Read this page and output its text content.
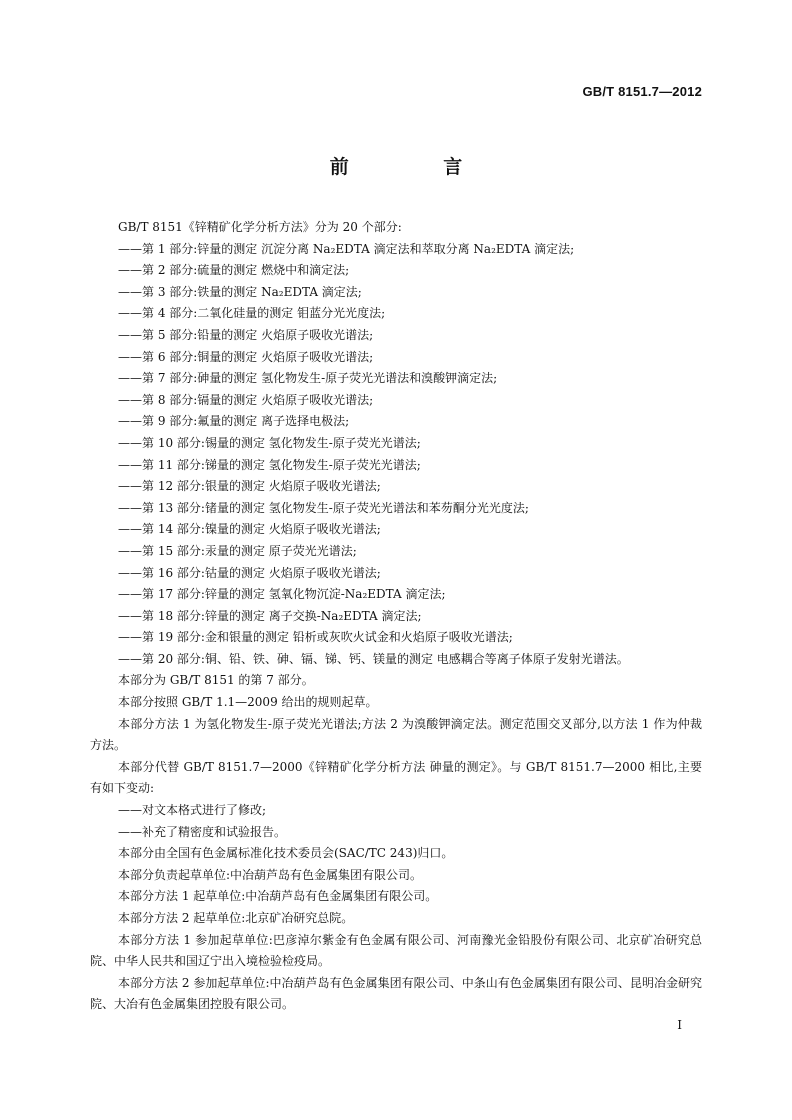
GB/T 8151.7—2012
前 言

GB/T 8151《锌精矿化学分析方法》分为 20 个部分:

——第 1 部分:锌量的测定 沉淀分离 Na₂EDTA 滴定法和萃取分离 Na₂EDTA 滴定法;

——第 2 部分:硫量的测定 燃烧中和滴定法;

——第 3 部分:铁量的测定 Na₂EDTA 滴定法;

——第 4 部分:二氧化硅量的测定 钼蓝分光光度法;

——第 5 部分:铅量的测定 火焰原子吸收光谱法;

——第 6 部分:铜量的测定 火焰原子吸收光谱法;

——第 7 部分:砷量的测定 氢化物发生-原子荧光光谱法和溴酸钾滴定法;

——第 8 部分:镉量的测定 火焰原子吸收光谱法;

——第 9 部分:氟量的测定 离子选择电极法;

——第 10 部分:锡量的测定 氢化物发生-原子荧光光谱法;

——第 11 部分:锑量的测定 氢化物发生-原子荧光光谱法;

——第 12 部分:银量的测定 火焰原子吸收光谱法;

——第 13 部分:锗量的测定 氢化物发生-原子荧光光谱法和苯芴酮分光光度法;

——第 14 部分:镍量的测定 火焰原子吸收光谱法;

——第 15 部分:汞量的测定 原子荧光光谱法;

——第 16 部分:钴量的测定 火焰原子吸收光谱法;

——第 17 部分:锌量的测定 氢氧化物沉淀-Na₂EDTA 滴定法;

——第 18 部分:锌量的测定 离子交换-Na₂EDTA 滴定法;

——第 19 部分:金和银量的测定 铅析或灰吹火试金和火焰原子吸收光谱法;

——第 20 部分:铜、铅、铁、砷、镉、锑、钙、镁量的测定 电感耦合等离子体原子发射光谱法。

本部分为 GB/T 8151 的第 7 部分。

本部分按照 GB/T 1.1—2009 给出的规则起草。

本部分方法 1 为氢化物发生-原子荧光光谱法;方法 2 为溴酸钾滴定法。测定范围交叉部分,以方法 1 作为仲裁方法。

本部分代替 GB/T 8151.7—2000《锌精矿化学分析方法 砷量的测定》。与 GB/T 8151.7—2000 相比,主要有如下变动:

——对文本格式进行了修改;

——补充了精密度和试验报告。

本部分由全国有色金属标准化技术委员会(SAC/TC 243)归口。

本部分负责起草单位:中冶葫芦岛有色金属集团有限公司。

本部分方法 1 起草单位:中冶葫芦岛有色金属集团有限公司。

本部分方法 2 起草单位:北京矿冶研究总院。

本部分方法 1 参加起草单位:巴彦淖尔紫金有色金属有限公司、河南豫光金铅股份有限公司、北京矿冶研究总院、中华人民共和国辽宁出入境检验检疫局。

本部分方法 2 参加起草单位:中冶葫芦岛有色金属集团有限公司、中条山有色金属集团有限公司、昆明冶金研究院、大冶有色金属集团控股有限公司。

I
